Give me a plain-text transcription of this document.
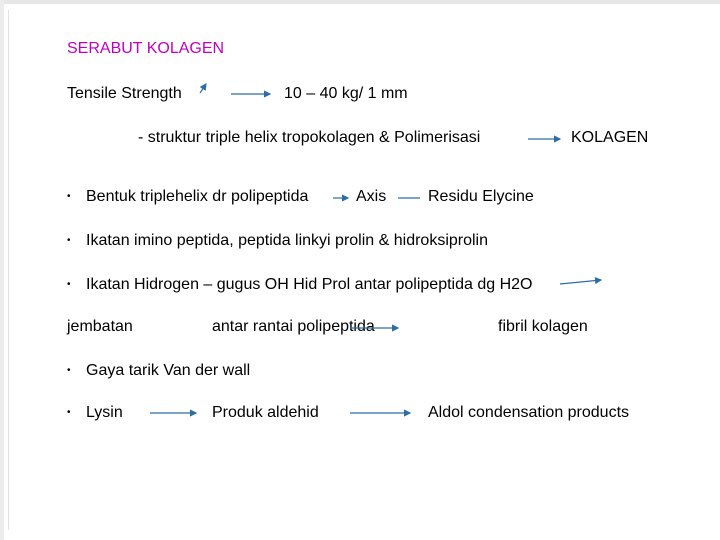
SERABUT KOLAGEN
Tensile Strength	10 – 40 kg/ 1 mm
- struktur triple helix tropokolagen & Polimerisasi	KOLAGEN
• Bentuk triplehelix dr polipeptida	Axis	Residu Elycine
• Ikatan imino peptida, peptida linkyi prolin & hidroksiprolin
• Ikatan Hidrogen – gugus OH Hid Prol antar polipeptida dg H2O
jembatan	antar rantai polipeptida	fibril kolagen
• Gaya tarik Van der wall
• Lysin	Produk aldehid	Aldol condensation products
